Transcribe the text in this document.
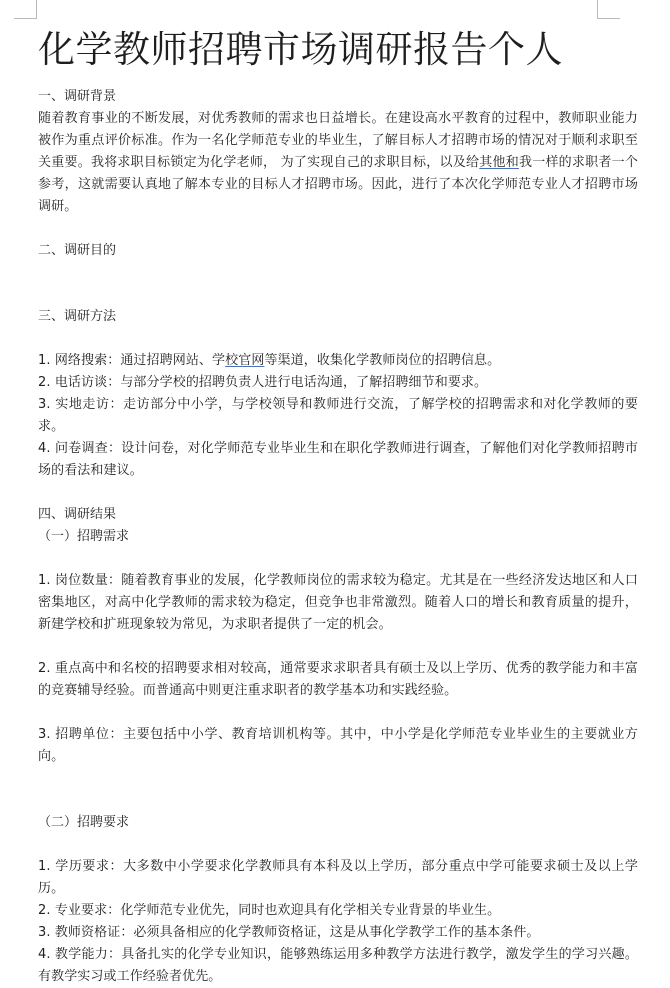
化学教师招聘市场调研报告个人
一、调研背景

随着教育事业的不断发展，对优秀教师的需求也日益增长。在建设高水平教育的过程中，教师职业能力被作为重点评价标准。作为一名化学师范专业的毕业生，了解目标人才招聘市场的情况对于顺利求职至关重要。我将求职目标锁定为化学老师， 为了实现自己的求职目标，以及给其他和我一样的求职者一个参考，这就需要认真地了解本专业的目标人才招聘市场。因此，进行了本次化学师范专业人才招聘市场调研。

二、调研目的
三、调研方法

1. 网络搜索：通过招聘网站、学校官网等渠道，收集化学教师岗位的招聘信息。

2. 电话访谈：与部分学校的招聘负责人进行电话沟通，了解招聘细节和要求。

3. 实地走访：走访部分中小学，与学校领导和教师进行交流，了解学校的招聘需求和对化学教师的要求。

4. 问卷调查：设计问卷，对化学师范专业毕业生和在职化学教师进行调查，了解他们对化学教师招聘市场的看法和建议。

四、调研结果
（一）招聘需求

1. 岗位数量：随着教育事业的发展，化学教师岗位的需求较为稳定。尤其是在一些经济发达地区和人口密集地区，对高中化学教师的需求较为稳定，但竞争也非常激烈。随着人口的增长和教育质量的提升，新建学校和扩班现象较为常见，为求职者提供了一定的机会。

2. 重点高中和名校的招聘要求相对较高，通常要求求职者具有硕士及以上学历、优秀的教学能力和丰富的竞赛辅导经验。而普通高中则更注重求职者的教学基本功和实践经验。

3. 招聘单位：主要包括中小学、教育培训机构等。其中，中小学是化学师范专业毕业生的主要就业方向。

（二）招聘要求

1. 学历要求：大多数中小学要求化学教师具有本科及以上学历，部分重点中学可能要求硕士及以上学历。

2. 专业要求：化学师范专业优先，同时也欢迎具有化学相关专业背景的毕业生。

3. 教师资格证：必须具备相应的化学教师资格证，这是从事化学教学工作的基本条件。

4. 教学能力：具备扎实的化学专业知识，能够熟练运用多种教学方法进行教学，激发学生的学习兴趣。有教学实习或工作经验者优先。
